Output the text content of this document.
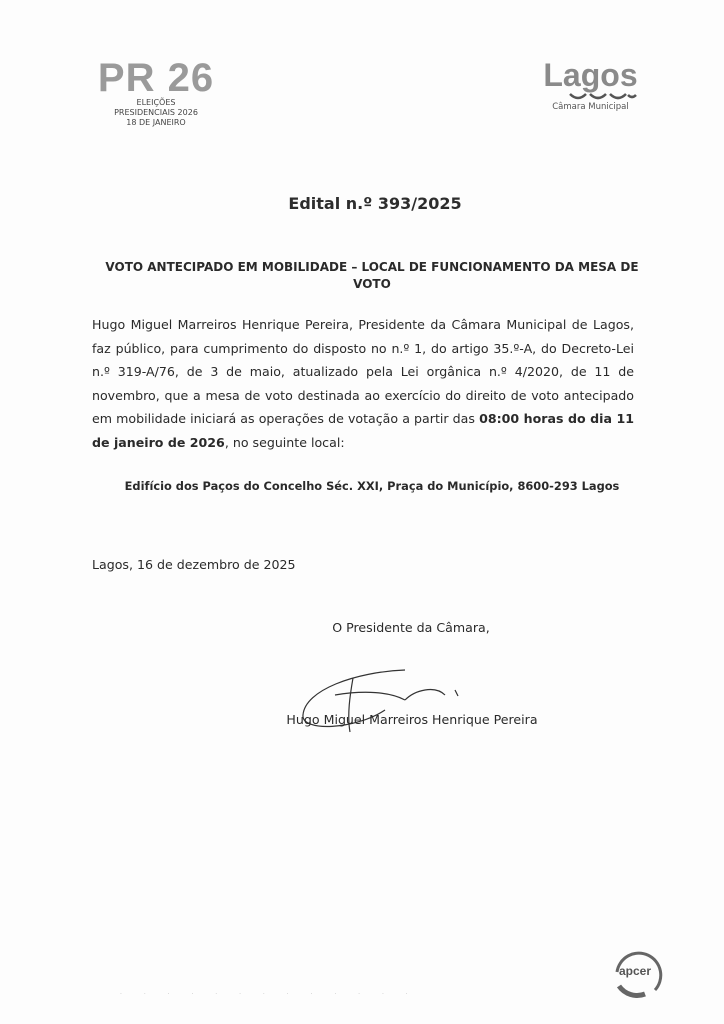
PR 26
ELEIÇÕES
PRESIDENCIAIS 2026
18 DE JANEIRO
Lagos
Câmara Municipal
Edital n.º 393/2025
VOTO ANTECIPADO EM MOBILIDADE – LOCAL DE FUNCIONAMENTO DA MESA DE VOTO
Hugo Miguel Marreiros Henrique Pereira, Presidente da Câmara Municipal de Lagos, faz público, para cumprimento do disposto no n.º 1, do artigo 35.º-A, do Decreto-Lei n.º 319-A/76, de 3 de maio, atualizado pela Lei orgânica n.º 4/2020, de 11 de novembro, que a mesa de voto destinada ao exercício do direito de voto antecipado em mobilidade iniciará as operações de votação a partir das 08:00 horas do dia 11 de janeiro de 2026, no seguinte local:
Edifício dos Paços do Concelho Séc. XXI, Praça do Município, 8600-293 Lagos
Lagos, 16 de dezembro de 2025
O Presidente da Câmara,
Hugo Miguel Marreiros Henrique Pereira
apcer
· · · · · · · · · · · · ·
